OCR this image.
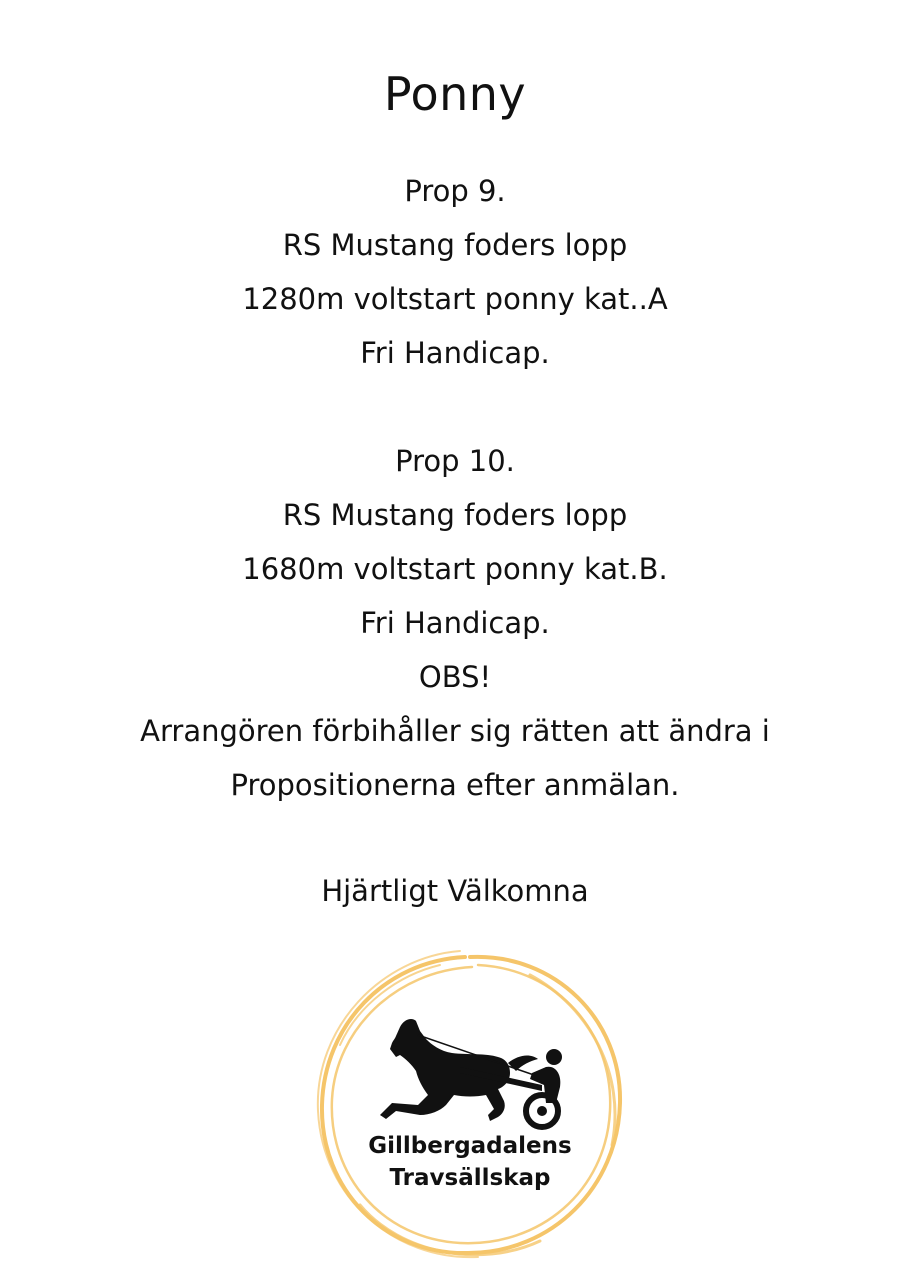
Ponny
Prop 9.
RS Mustang foders lopp
1280m voltstart ponny kat..A
Fri Handicap.
Prop 10.
RS Mustang foders lopp
1680m voltstart ponny kat.B.
Fri Handicap.
OBS!
Arrangören förbihåller sig rätten att ändra i
Propositionerna efter anmälan.
Hjärtligt Välkomna
Gillbergadalens
Travsällskap
